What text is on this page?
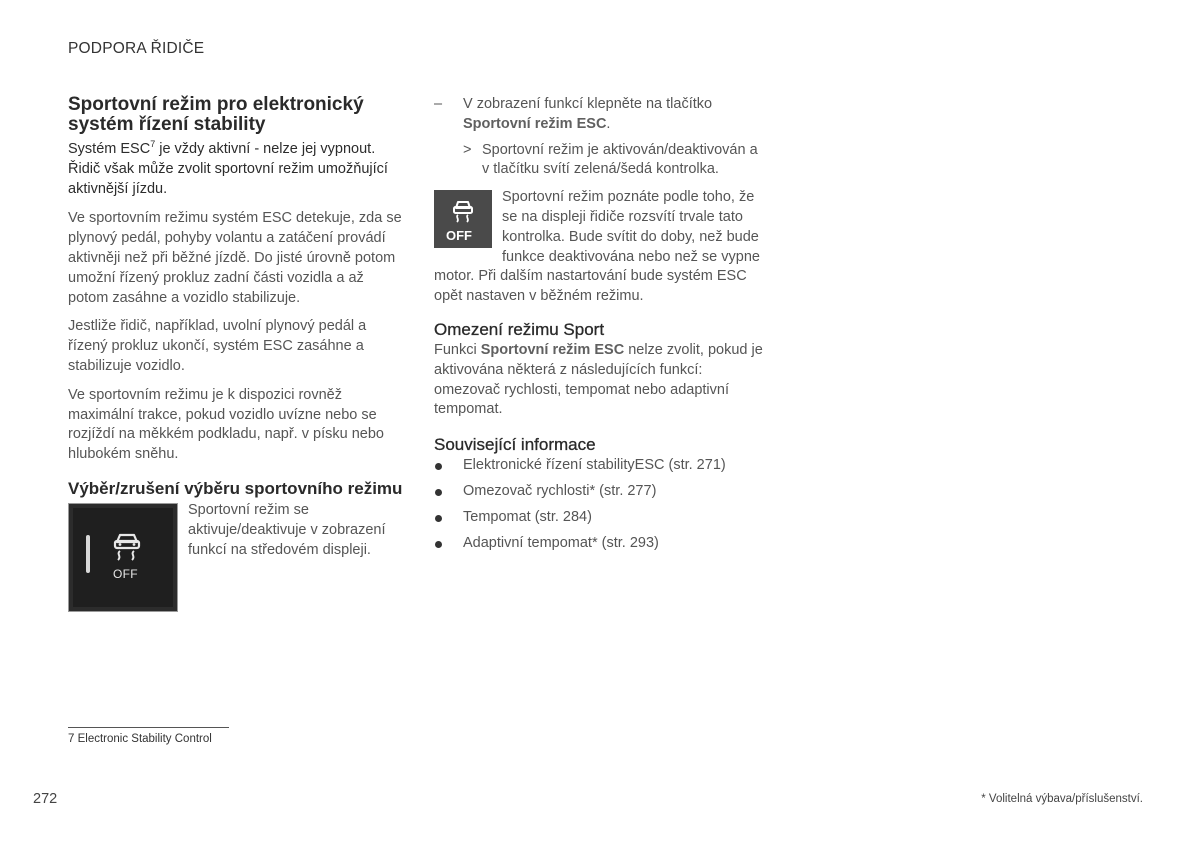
PODPORA ŘIDIČE
Sportovní režim pro elektronický systém řízení stability

Systém ESC$^7$ je vždy aktivní - nelze jej vypnout. Řidič však může zvolit sportovní režim umožňující aktivnější jízdu.

Ve sportovním režimu systém ESC detekuje, zda se plynový pedál, pohyby volantu a zatáčení provádí aktivněji než při běžné jízdě. Do jisté úrovně potom umožní řízený prokluz zadní části vozidla a až potom zasáhne a vozidlo stabilizuje.

Jestliže řidič, například, uvolní plynový pedál a řízený prokluz ukončí, systém ESC zasáhne a stabilizuje vozidlo.

Ve sportovním režimu je k dispozici rovněž maximální trakce, pokud vozidlo uvízne nebo se rozjíždí na měkkém podkladu, např. v písku nebo hlubokém sněhu.

Výběr/zrušení výběru sportovního režimu
OFF
Sportovní režim se aktivuje/deaktivuje v zobrazení funkcí na středovém displeji.
– V zobrazení funkcí klepněte na tlačítko Sportovní režim ESC.
> Sportovní režim je aktivován/deaktivován a v tlačítku svítí zelená/šedá kontrolka.
OFF
Sportovní režim poznáte podle toho, že se na displeji řidiče rozsvítí trvale tato kontrolka. Bude svítit do doby, než bude funkce deaktivována nebo než se vypne motor. Při dalším nastartování bude systém ESC opět nastaven v běžném režimu.
Omezení režimu Sport

Funkci Sportovní režim ESC nelze zvolit, pokud je aktivována některá z následujících funkcí: omezovač rychlosti, tempomat nebo adaptivní tempomat.

Související informace
Elektronické řízení stabilityESC (str. 271)
Omezovač rychlosti* (str. 277)
Tempomat (str. 284)
Adaptivní tempomat* (str. 293)
7 Electronic Stability Control
272	* Volitelná výbava/příslušenství.
